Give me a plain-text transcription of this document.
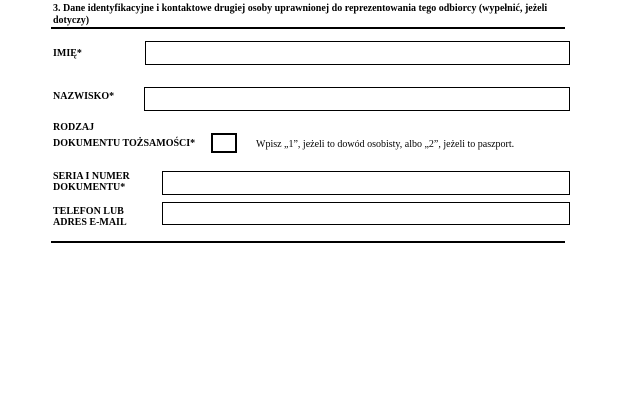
3. Dane identyfikacyjne i kontaktowe drugiej osoby uprawnionej do reprezentowania tego odbiorcy (wypełnić, jeżeli dotyczy)
IMIĘ*
NAZWISKO*
RODZAJ
DOKUMENTU TOŻSAMOŚCI*	Wpisz „1”, jeżeli to dowód osobisty, albo „2”, jeżeli to paszport.
SERIA I NUMER
DOKUMENTU*
TELEFON LUB
ADRES E-MAIL
